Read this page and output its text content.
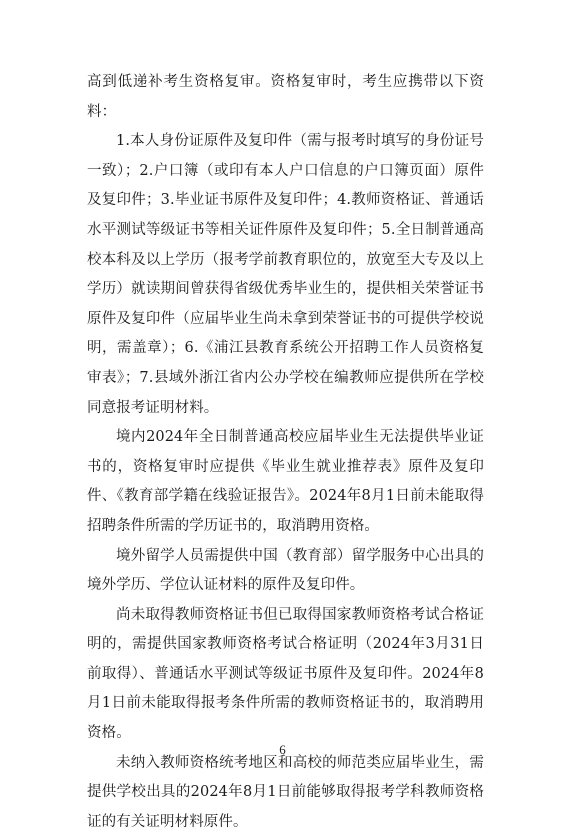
高到低递补考生资格复审。资格复审时，考生应携带以下资料：

1.本人身份证原件及复印件（需与报考时填写的身份证号一致）；2.户口簿（或印有本人户口信息的户口簿页面）原件及复印件；3.毕业证书原件及复印件；4.教师资格证、普通话水平测试等级证书等相关证件原件及复印件；5.全日制普通高校本科及以上学历（报考学前教育职位的，放宽至大专及以上学历）就读期间曾获得省级优秀毕业生的，提供相关荣誉证书原件及复印件（应届毕业生尚未拿到荣誉证书的可提供学校说明，需盖章）；6.《浦江县教育系统公开招聘工作人员资格复审表》；7.县域外浙江省内公办学校在编教师应提供所在学校同意报考证明材料。

境内2024年全日制普通高校应届毕业生无法提供毕业证书的，资格复审时应提供《毕业生就业推荐表》原件及复印件、《教育部学籍在线验证报告》。2024年8月1日前未能取得招聘条件所需的学历证书的，取消聘用资格。

境外留学人员需提供中国（教育部）留学服务中心出具的境外学历、学位认证材料的原件及复印件。

尚未取得教师资格证书但已取得国家教师资格考试合格证明的，需提供国家教师资格考试合格证明（2024年3月31日前取得）、普通话水平测试等级证书原件及复印件。2024年8月1日前未能取得报考条件所需的教师资格证书的，取消聘用资格。

未纳入教师资格统考地区和高校的师范类应届毕业生，需提供学校出具的2024年8月1日前能够取得报考学科教师资格证的有关证明材料原件。

6
